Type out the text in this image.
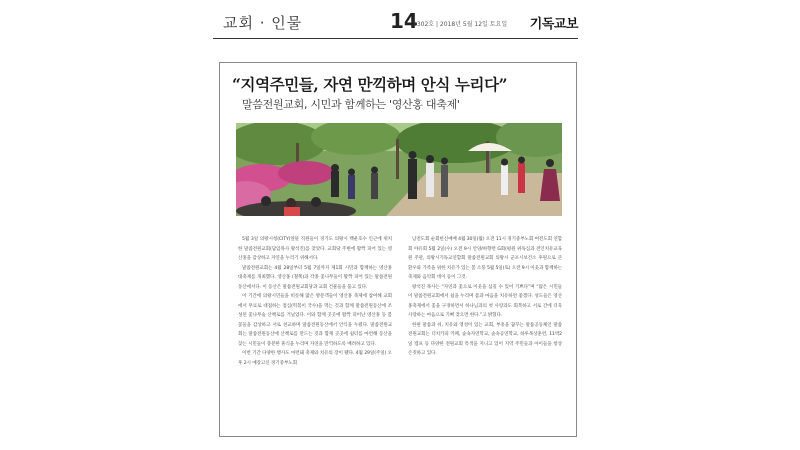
교회 · 인물	14
1302호 | 2018년 5월 12일 토요일 기독교보
“지역주민들, 자연 만끽하며 안식 누리다”
말씀전원교회, 시민과 함께하는 '영산홍 대축제'

5월 3일 의왕시청(CITY)앞뜰 직원들이 경기도 의왕시 백운호수 인근에 위치한 말씀전원교회(담임목사 왕석진)를 찾았다. 교회당 주변에 활짝 피어 있는 영산홍을 감상하고 자연을 누리기 위해서다.

말씀전원교회는 4월 28일부터 5월 7일까지 제1회 시민과 함께하는 영산홍 대축제를 개최했다. 영산홍 (철쭉)과 각종 꽃나무들이 활짝 피어 있는 말씀전원동산에서다. 이 동산은 말씀전원교회당과 교회 건물들을 품고 있다.

이 기간에 의왕시민들을 비롯해 많은 방문객들이 영산홍 축제에 참여해 교회에서 무료로 대접하는 점심(떡볶이 국수)을 먹는 것과 함께 말씀전원동산에 조성된 꽃나무숲 산책로를 거닐었다. 이와 함께 곳곳에 활짝 피어난 영산홍 등 봄꽃들을 감상하고 서로 친교하며 말씀전원동산에서 안식을 누렸다. 말씀전원교회는 말씀전원동산에 산책로를 만드는 것과 함께 곳곳에 쉼터를 마련해 동산을 찾는 시민들이 충분한 휴식을 누리며 자연을 만끽하도록 배려하고 있다.

이번 기간 다양한 행사도 마련돼 축제와 치유의 장이 됐다. 4월 29일(주일) 오후 2시 예장고신 경기중부노회

남전도회 순회헌신예배 4월 30일(월) 오전 11시 경기중부노회 여전도회 연합회 야유회 5월 2일(수) 오전 9시 안양/하향면 G회(평원 위독심과 전인치유교육원 주관, 의왕시기독교연합회 말씀전원교회 의왕시 군포시보건소 후원으로 큰 환우와 가족을 위한 치유가 있는 봄 소풍 5월 5일(토) 오전 9시 이웃과 함께하는 축제와 음악회 데이 등이 그것.

왕석진 목사는 “자연과 꽃으로 이웃을 섬길 수 있어 기쁘다”며 “많은 시민들이 말씀전원교회에서 쉼을 누리며 몸과 마음을 치유하면 좋겠다. 성도들은 영산홍축제에서 꽃을 구경하면서 하나님과의 첫 사랑과도 회복하고 서로 간에 더욱 사랑하는 마음으로 기뻐 찾으면 한다.”고 밝혔다.

한편 말씀과 쉬, 치유와 영성이 있는 교회, 부흥을 꿈꾸는 말씀공동체인 말씀전원교회는 더치카피 카페, 숲속자연학교, 숲속공연학교, 하루목상훈련, 11박2일 캠프 등 다양한 전원교회 특색을 지니고 있어 지역 주민들과 아이들을 항상 손짓하고 있다.
